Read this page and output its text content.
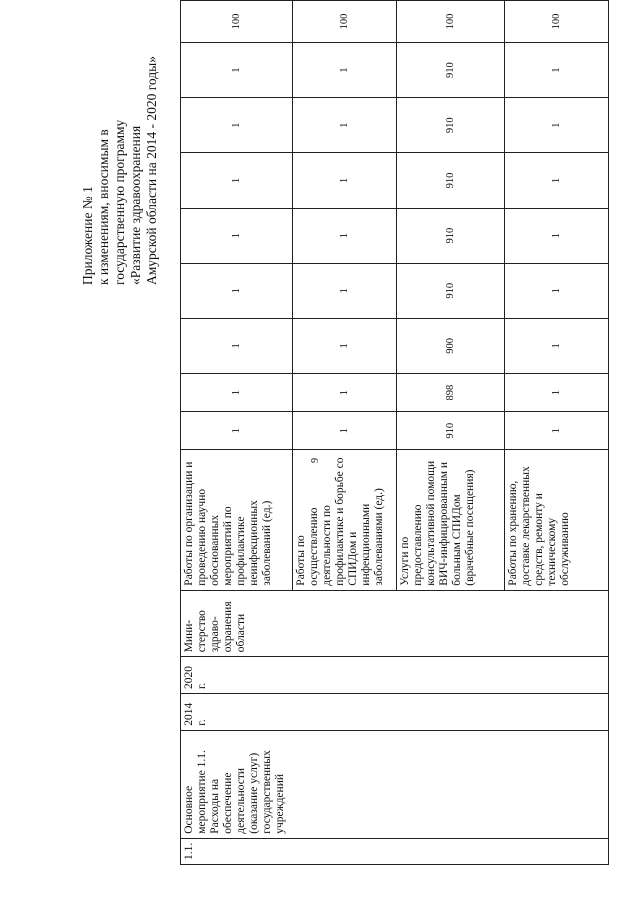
9
Приложение № 1 к изменениям, вносимым в государственную программу «Развитие здравоохранения Амурской области на 2014 - 2020 годы»
1.1.	Основное мероприятие 1.1. Расходы на обеспечение деятельности (оказание услуг) государственных учреждений	2014 г.	2020 г.	Мини-стерство здраво-охранения области	Работы по организации и проведению научно обоснованных мероприятий по профилактике неинфекционных заболеваний (ед.)	1	1	1	1	1	1	1	1	100
					Работы по осуществлению деятельности по профилактике и борьбе со СПИДом и инфекционными заболеваниями (ед.)	1	1	1	1	1	1	1	1	100
					Услуги по предоставлению консультативной помощи ВИЧ-инфицированным и больным СПИДом (врачебные посещения)	910	898	900	910	910	910	910	910	100
					Работы по хранению, доставке лекарственных средств, ремонту и техническому обслуживанию	1	1	1	1	1	1	1	1	100
